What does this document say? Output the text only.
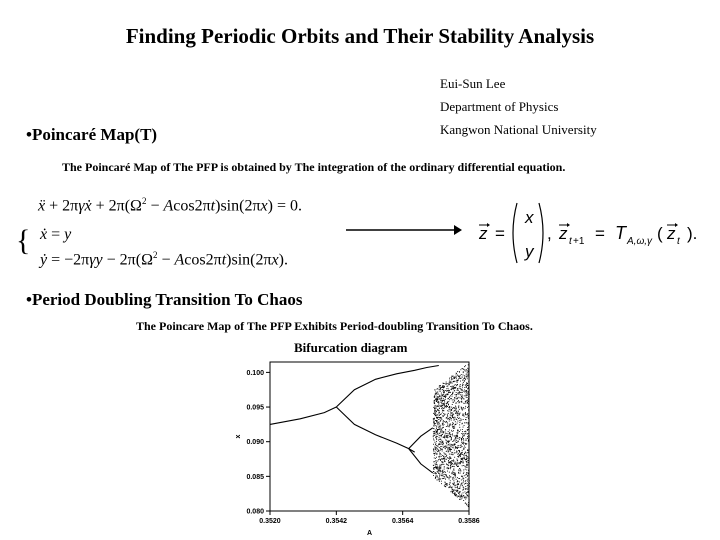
Finding Periodic Orbits and Their Stability Analysis
Eui-Sun Lee
Department of Physics
Kangwon National University
•Poincaré Map(T)
The Poincaré Map of The PFP is obtained by The integration of the ordinary differential equation.
ẍ + 2πγẋ + $2\pi(\Omega^2 - Acos2\pi t)\sin(2\pi x) = 0$.
{ ẋ = y
ẏ = $-2\pi\gamma y - 2\pi(\Omega^2 - Acos2\pi t)\sin(2\pi x)$.
z =
x
y
, z t +1 = T A,ω,γ ( z t ).
•Period Doubling Transition To Chaos
The Poincare Map of The PFP Exhibits Period-doubling Transition To Chaos.
Bifurcation diagram
0.3520	0.3542	0.3564	0.3586
0.080
0.085
0.090
0.095
0.100
A
x
